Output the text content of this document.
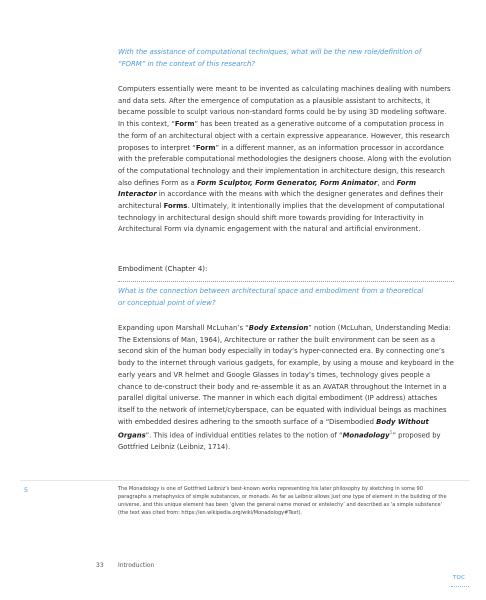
With the assistance of computational techniques, what will be the new role/definition of
“FORM” in the context of this research?

Computers essentially were meant to be invented as calculating machines dealing with numbers and data sets. After the emergence of computation as a plausible assistant to architects, it became possible to sculpt various non-standard forms could be by using 3D modeling software. In this context, “Form” has been treated as a generative outcome of a computation process in the form of an architectural object with a certain expressive appearance. However, this research proposes to interpret “Form” in a different manner, as an information processor in accordance with the preferable computational methodologies the designers choose. Along with the evolution of the computational technology and their implementation in architecture design, this research also defines Form as a Form Sculptor, Form Generator, Form Animator, and Form Interactor in accordance with the means with which the designer generates and defines their architectural Forms. Ultimately, it intentionally implies that the development of computational technology in architectural design should shift more towards providing for Interactivity in Architectural Form via dynamic engagement with the natural and artificial environment.

Embodiment (Chapter 4):

What is the connection between architectural space and embodiment from a theoretical
or conceptual point of view?

Expanding upon Marshall McLuhan’s “Body Extension” notion (McLuhan, Understanding Media: The Extensions of Man, 1964), Architecture or rather the built environment can be seen as a second skin of the human body especially in today’s hyper-connected era. By connecting one’s body to the internet through various gadgets, for example, by using a mouse and keyboard in the early years and VR helmet and Google Glasses in today’s times, technology gives people a chance to de-construct their body and re-assemble it as an AVATAR throughout the Internet in a parallel digital universe. The manner in which each digital embodiment (IP address) attaches itself to the network of internet/cyberspace, can be equated with individual beings as machines with embedded desires adhering to the smooth surface of a “Disembodied Body Without Organs”. This idea of individual entities relates to the notion of “Monadology$^5$” proposed by Gottfried Leibniz (Leibniz, 1714).

5	The Monadology is one of Gottfried Leibniz’s best-known works representing his later philosophy by sketching in some 90 paragraphs a metaphysics of simple substances, or monads. As far as Leibniz allows just one type of element in the building of the universe, and this unique element has been ‘given the general name monad or entelechy’ and described as ‘a simple substance’ (the text was cited from: https://en.wikipedia.org/wiki/Monadology#Text).

33 Introduction
TOC
